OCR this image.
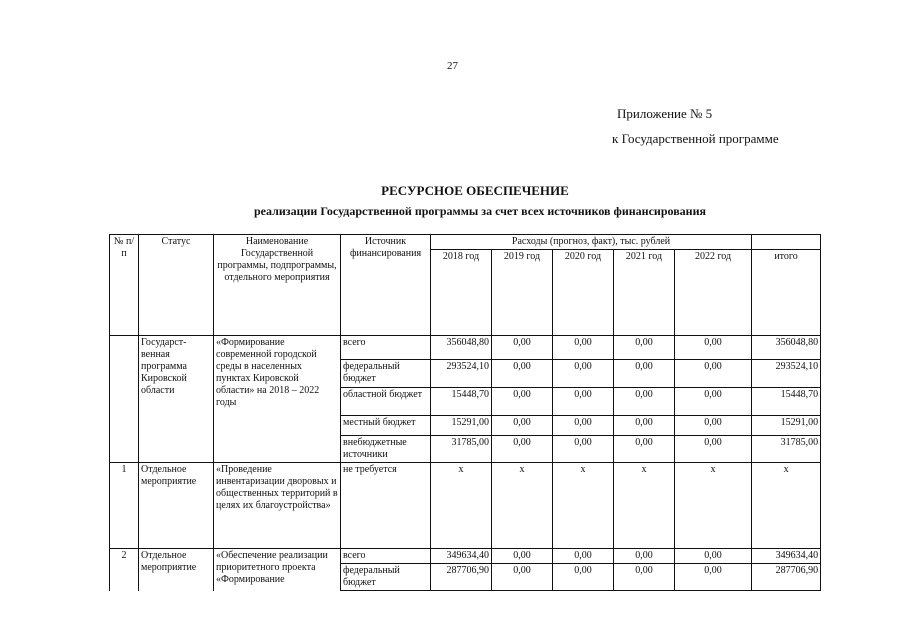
27
Приложение № 5
к Государственной программе
РЕСУРСНОЕ ОБЕСПЕЧЕНИЕ
реализации Государственной программы за счет всех источников финансирования
№ п/п	Статус	Наименование Государственной программы, подпрограммы, отдельного мероприятия	Источник финансирования	Расходы (прогноз, факт), тыс. рублей					
				2018 год	2019 год	2020 год	2021 год	2022 год	итого
	Государст-венная программа Кировской области	«Формирование современной городской среды в населенных пунктах Кировской области» на 2018 – 2022 годы	всего	356048,80	0,00	0,00	0,00	0,00	356048,80
			федеральный бюджет	293524,10	0,00	0,00	0,00	0,00	293524,10
			областной бюджет	15448,70	0,00	0,00	0,00	0,00	15448,70
			местный бюджет	15291,00	0,00	0,00	0,00	0,00	15291,00
			внебюджетные источники	31785,00	0,00	0,00	0,00	0,00	31785,00
1	Отдельное мероприятие	«Проведение инвентаризации дворовых и общественных территорий в целях их благоустройства»	не требуется	х	х	х	х	х	х
2	Отдельное мероприятие	«Обеспечение реализации приоритетного проекта «Формирование	всего	349634,40	0,00	0,00	0,00	0,00	349634,40
			федеральный бюджет	287706,90	0,00	0,00	0,00	0,00	287706,90
